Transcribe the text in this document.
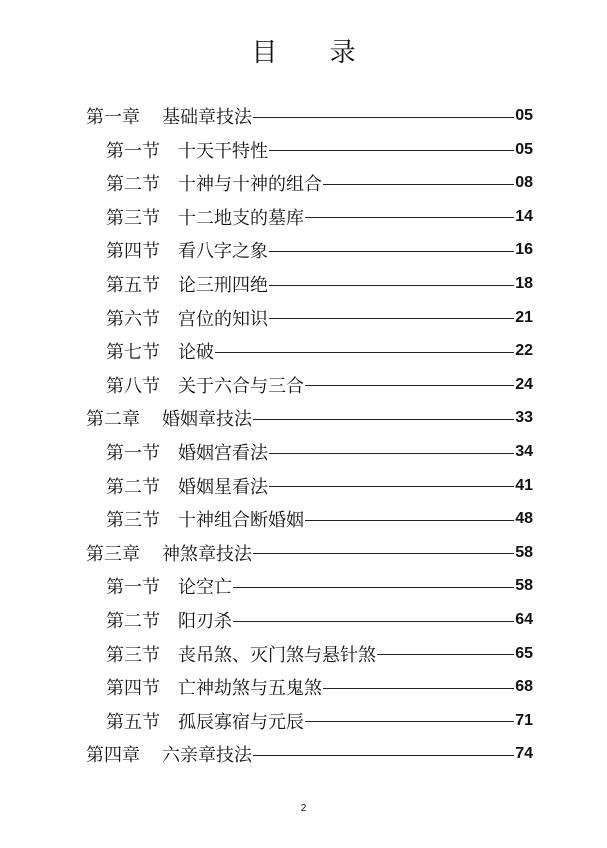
目 录
第一章 基础章技法	05
第一节 十天干特性	05
第二节 十神与十神的组合	08
第三节 十二地支的墓库	14
第四节 看八字之象	16
第五节 论三刑四绝	18
第六节 宫位的知识	21
第七节 论破	22
第八节 关于六合与三合	24
第二章 婚姻章技法	33
第一节 婚姻宫看法	34
第二节 婚姻星看法	41
第三节 十神组合断婚姻	48
第三章 神煞章技法	58
第一节 论空亡	58
第二节 阳刃杀	64
第三节 丧吊煞、灭门煞与悬针煞	65
第四节 亡神劫煞与五鬼煞	68
第五节 孤辰寡宿与元辰	71
第四章 六亲章技法	74
2
